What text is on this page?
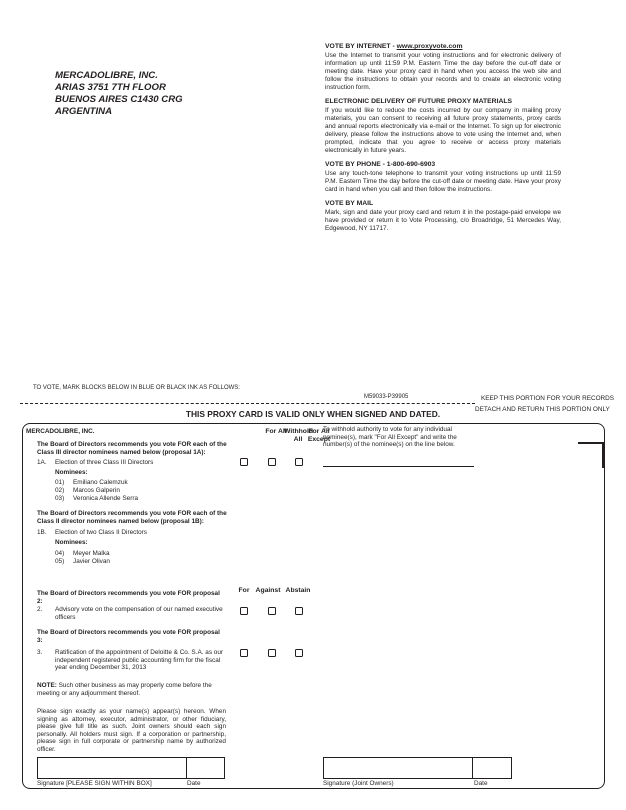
MERCADOLIBRE, INC.
ARIAS 3751 7TH FLOOR
BUENOS AIRES C1430 CRG
ARGENTINA
VOTE BY INTERNET - www.proxyvote.com

Use the Internet to transmit your voting instructions and for electronic delivery of information up until 11:59 P.M. Eastern Time the day before the cut-off date or meeting date. Have your proxy card in hand when you access the web site and follow the instructions to obtain your records and to create an electronic voting instruction form.

ELECTRONIC DELIVERY OF FUTURE PROXY MATERIALS

If you would like to reduce the costs incurred by our company in mailing proxy materials, you can consent to receiving all future proxy statements, proxy cards and annual reports electronically via e-mail or the Internet. To sign up for electronic delivery, please follow the instructions above to vote using the Internet and, when prompted, indicate that you agree to receive or access proxy materials electronically in future years.

VOTE BY PHONE - 1-800-690-6903

Use any touch-tone telephone to transmit your voting instructions up until 11:59 P.M. Eastern Time the day before the cut-off date or meeting date. Have your proxy card in hand when you call and then follow the instructions.

VOTE BY MAIL

Mark, sign and date your proxy card and return it in the postage-paid envelope we have provided or return it to Vote Processing, c/o Broadridge, 51 Mercedes Way, Edgewood, NY 11717.

TO VOTE, MARK BLOCKS BELOW IN BLUE OR BLACK INK AS FOLLOWS:
M59033-P39905	KEEP THIS PORTION FOR YOUR RECORDS
DETACH AND RETURN THIS PORTION ONLY
THIS PROXY CARD IS VALID ONLY WHEN SIGNED AND DATED.
MERCADOLIBRE, INC.
The Board of Directors recommends you vote FOR each of the Class III director nominees named below (proposal 1A):
1A. Election of three Class III Directors
Nominees:
01) Emiliano Calemzuk
02) Marcos Galperin
03) Veronica Allende Serra
The Board of Directors recommends you vote FOR each of the Class II director nominees named below (proposal 1B):
1B. Election of two Class II Directors
Nominees:
04) Meyer Malka
05) Javier Olivan
For All
Withhold All
For All Except
To withhold authority to vote for any individual nominee(s), mark "For All Except" and write the number(s) of the nominee(s) on the line below.
For Against Abstain
The Board of Directors recommends you vote FOR proposal 2:
2. Advisory vote on the compensation of our named executive officers
The Board of Directors recommends you vote FOR proposal 3:
3. Ratification of the appointment of Deloitte & Co. S.A. as our independent registered public accounting firm for the fiscal year ending December 31, 2013
NOTE: Such other business as may properly come before the meeting or any adjournment thereof.
Please sign exactly as your name(s) appear(s) hereon. When signing as attorney, executor, administrator, or other fiduciary, please give full title as such. Joint owners should each sign personally. All holders must sign. If a corporation or partnership, please sign in full corporate or partnership name by authorized officer.
Signature [PLEASE SIGN WITHIN BOX]	Date	Signature (Joint Owners)	Date
